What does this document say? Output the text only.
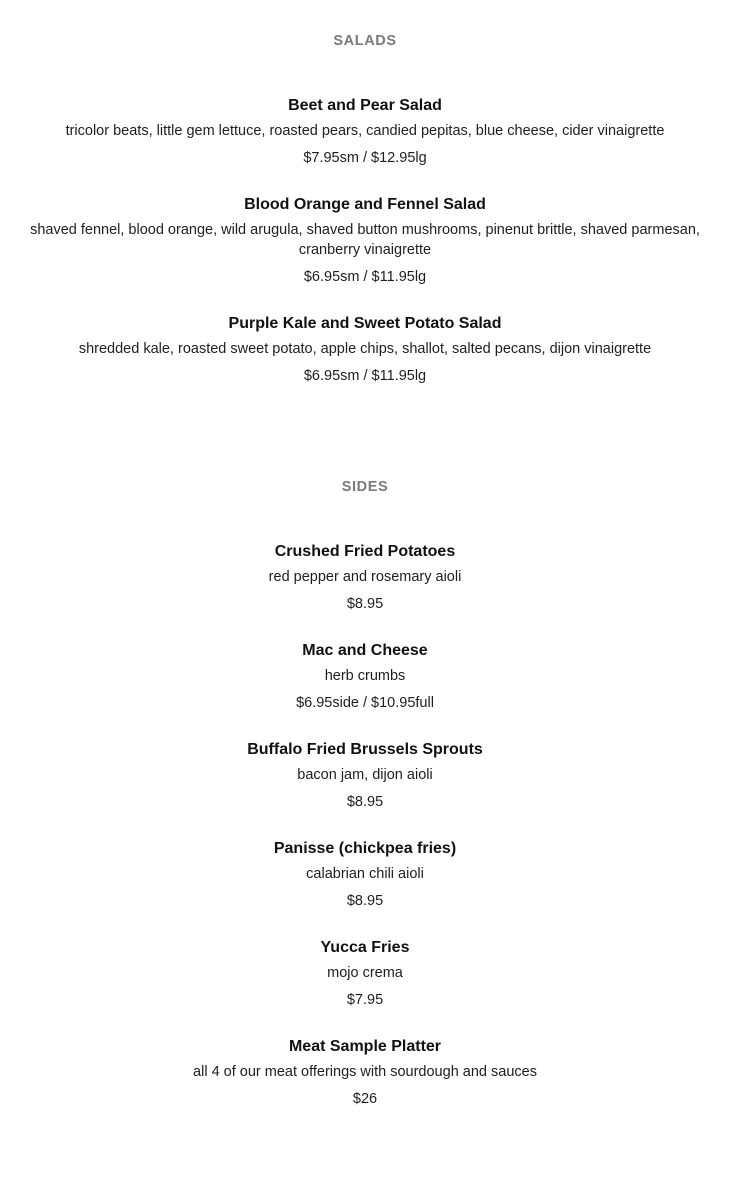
SALADS

Beet and Pear Salad

tricolor beats, little gem lettuce, roasted pears, candied pepitas, blue cheese, cider vinaigrette

$7.95sm / $12.95lg

Blood Orange and Fennel Salad

shaved fennel, blood orange, wild arugula, shaved button mushrooms, pinenut brittle, shaved parmesan, cranberry vinaigrette

$6.95sm / $11.95lg

Purple Kale and Sweet Potato Salad

shredded kale, roasted sweet potato, apple chips, shallot, salted pecans, dijon vinaigrette

$6.95sm / $11.95lg

SIDES

Crushed Fried Potatoes

red pepper and rosemary aioli

$8.95

Mac and Cheese

herb crumbs

$6.95side / $10.95full

Buffalo Fried Brussels Sprouts

bacon jam, dijon aioli

$8.95

Panisse (chickpea fries)

calabrian chili aioli

$8.95

Yucca Fries

mojo crema

$7.95

Meat Sample Platter

all 4 of our meat offerings with sourdough and sauces

$26
